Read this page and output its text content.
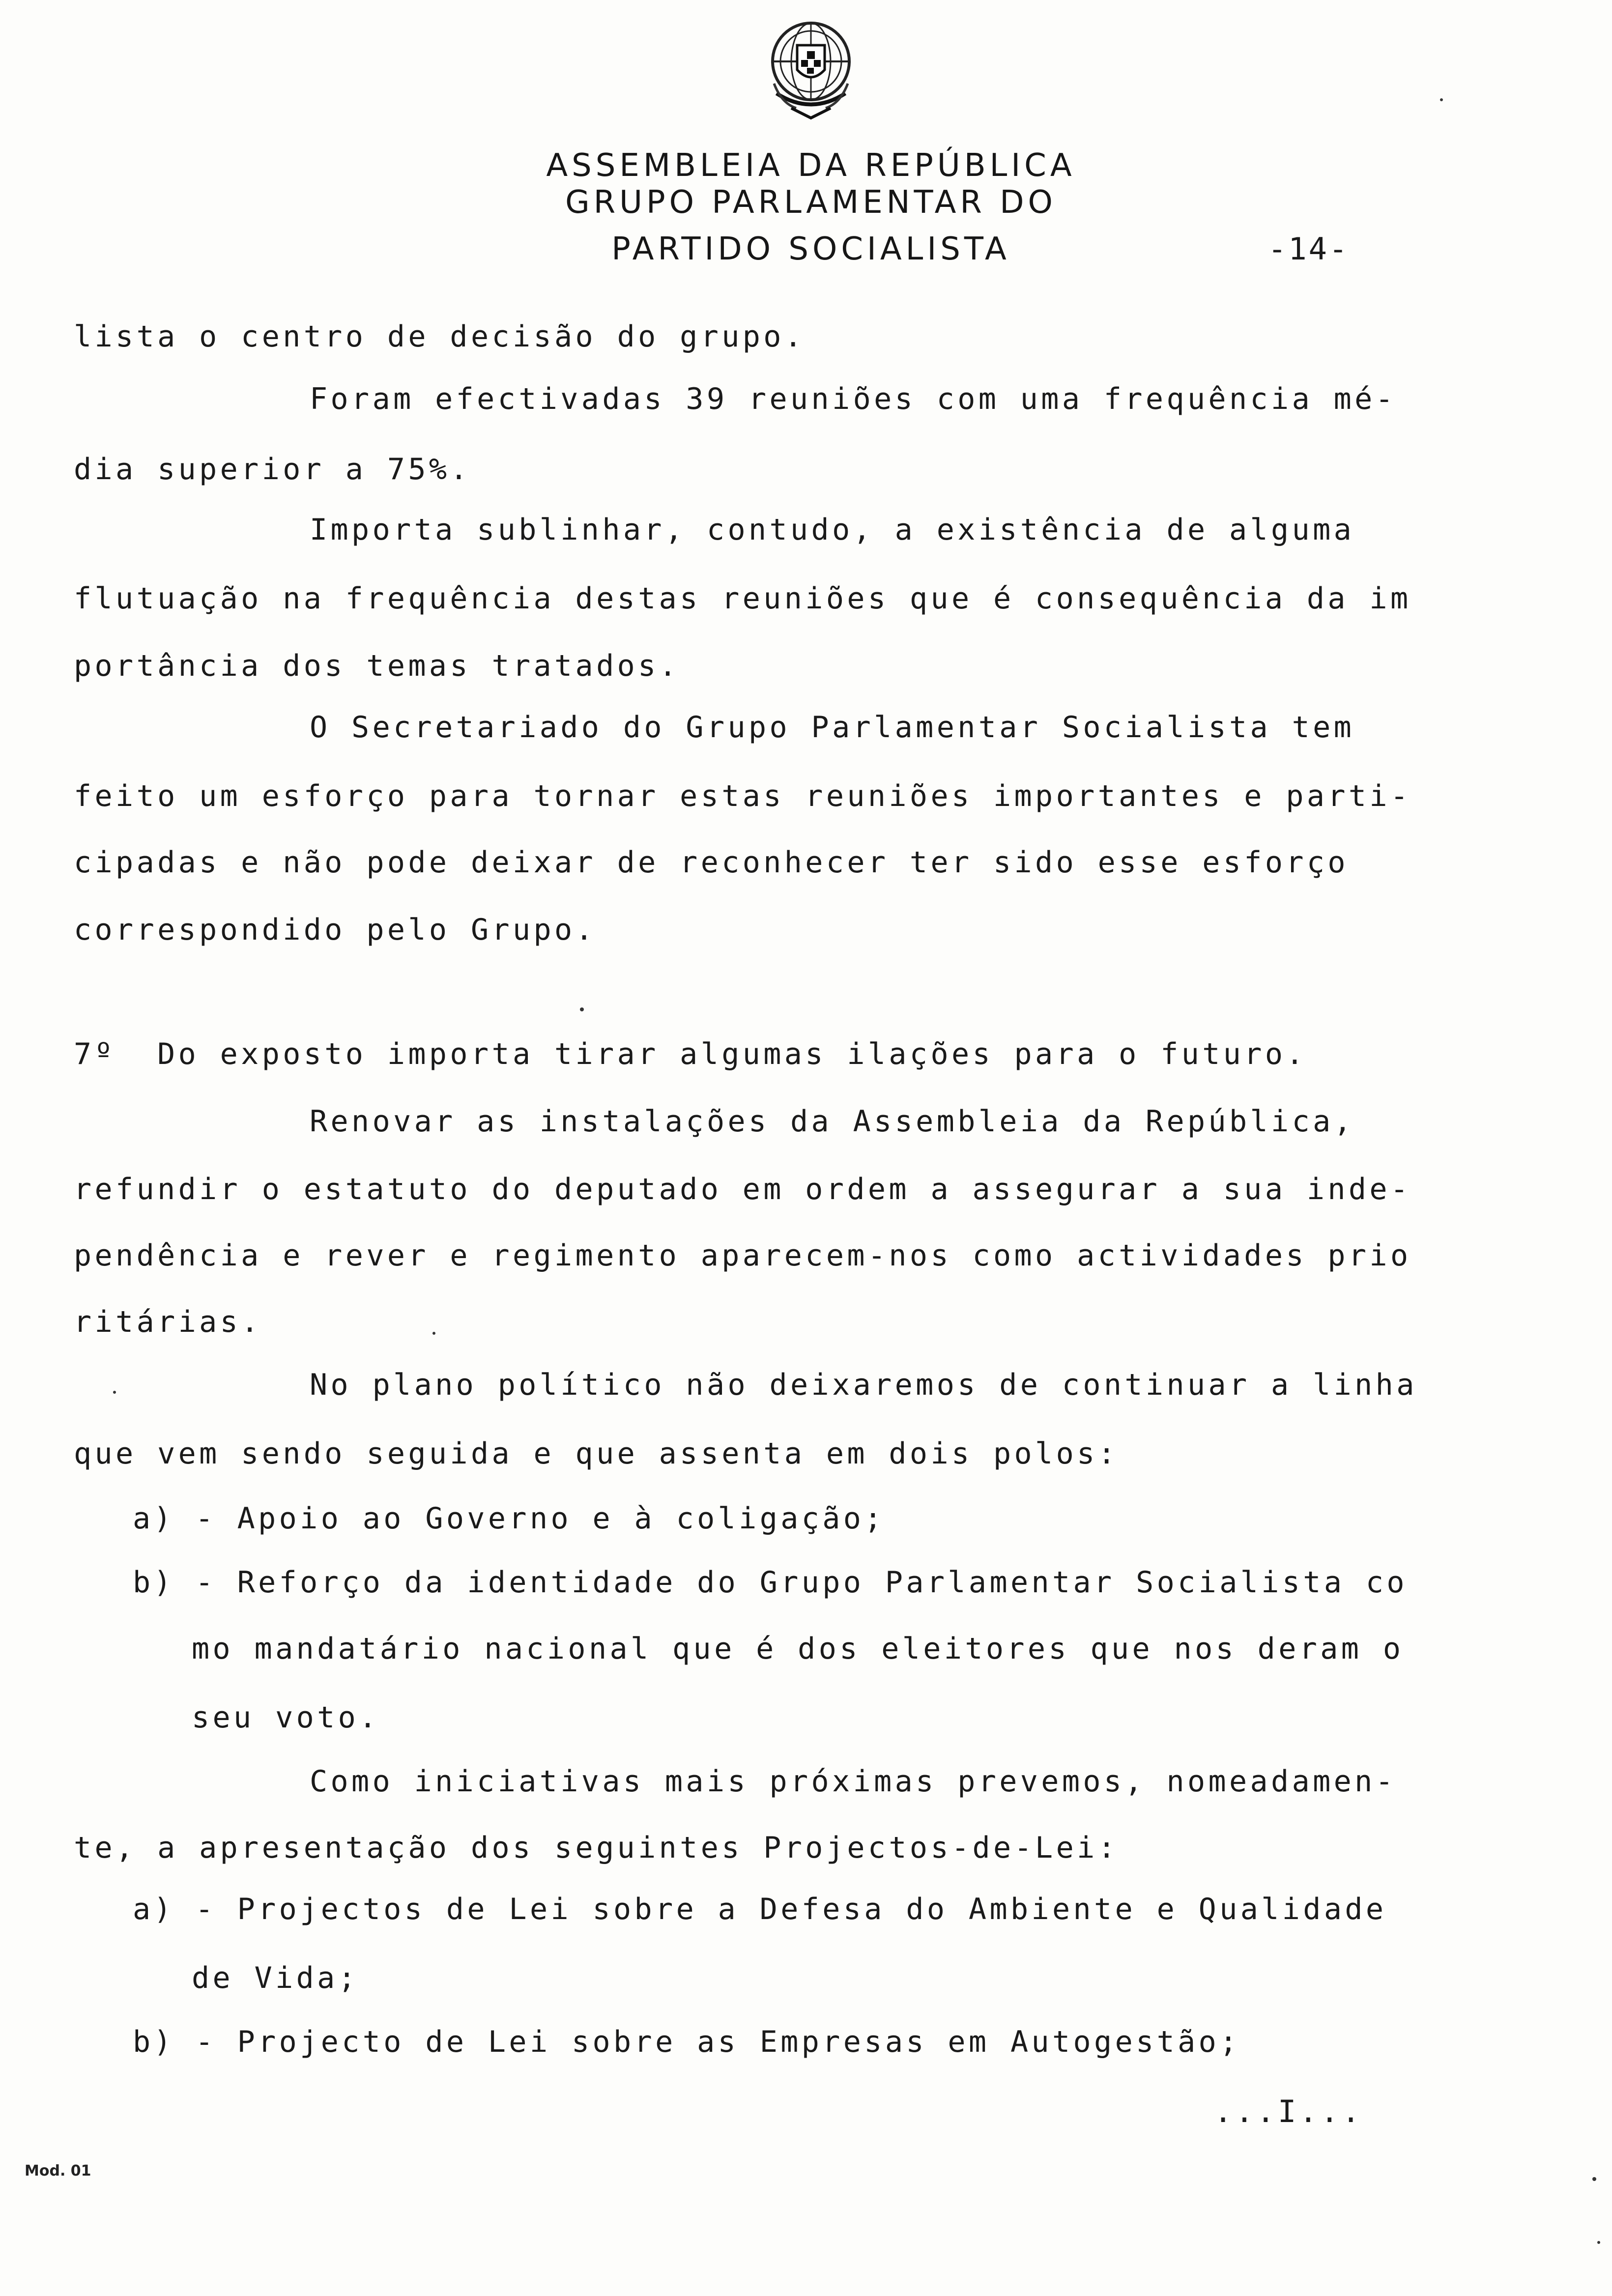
ASSEMBLEIA DA REPÚBLICA
GRUPO PARLAMENTAR DO
PARTIDO SOCIALISTA	-14-

lista o centro de decisão do grupo.

Foram efectivadas 39 reuniões com uma frequência mé-

dia superior a 75%.

Importa sublinhar, contudo, a existência de alguma

flutuação na frequência destas reuniões que é consequência da im

portância dos temas tratados.

O Secretariado do Grupo Parlamentar Socialista tem

feito um esforço para tornar estas reuniões importantes e parti-

cipadas e não pode deixar de reconhecer ter sido esse esforço

correspondido pelo Grupo.

7º  Do exposto importa tirar algumas ilações para o futuro.

Renovar as instalações da Assembleia da República,

refundir o estatuto do deputado em ordem a assegurar a sua inde-

pendência e rever e regimento aparecem-nos como actividades prio

ritárias.

No plano político não deixaremos de continuar a linha

que vem sendo seguida e que assenta em dois polos:

a) - Apoio ao Governo e à coligação;

b) - Reforço da identidade do Grupo Parlamentar Socialista co

mo mandatário nacional que é dos eleitores que nos deram o

seu voto.

Como iniciativas mais próximas prevemos, nomeadamen-

te, a apresentação dos seguintes Projectos-de-Lei:

a) - Projectos de Lei sobre a Defesa do Ambiente e Qualidade

de Vida;

b) - Projecto de Lei sobre as Empresas em Autogestão;

...I...
Mod. 01
